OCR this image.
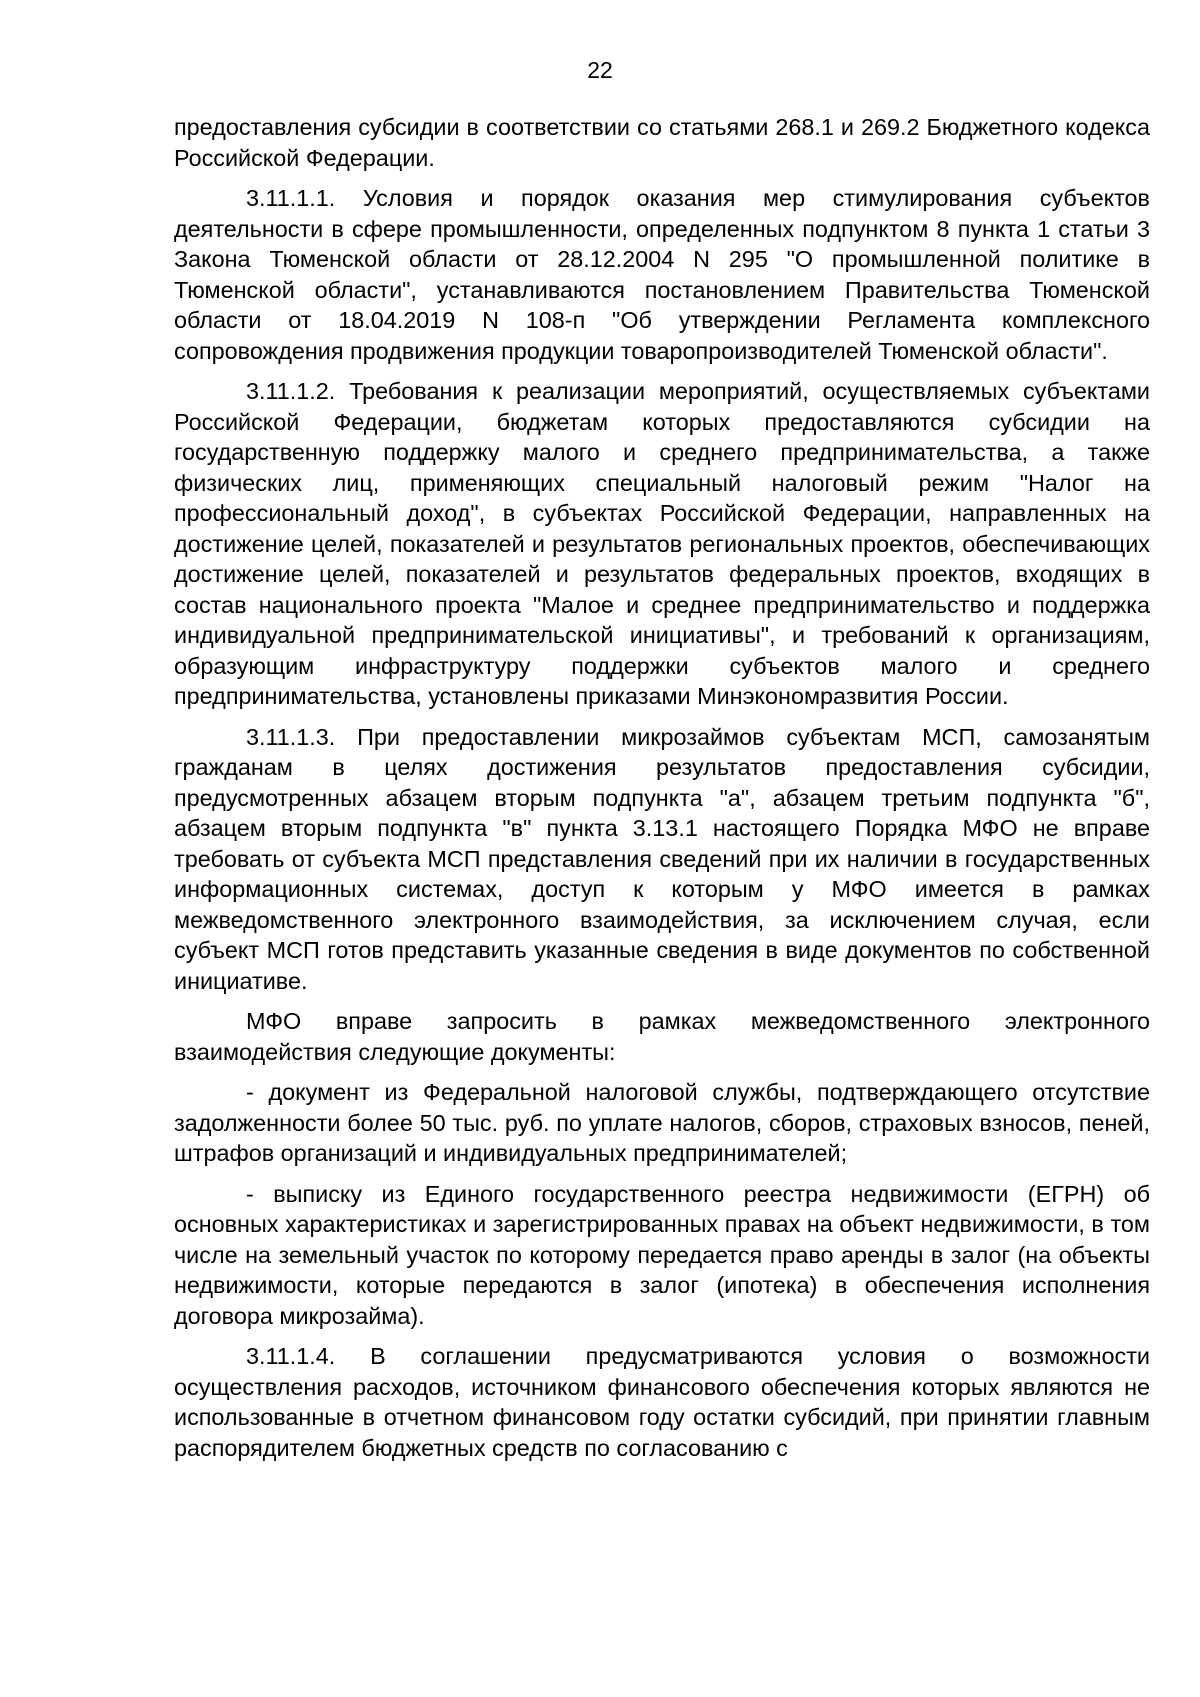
22

предоставления субсидии в соответствии со статьями 268.1 и 269.2 Бюджетного кодекса Российской Федерации.

3.11.1.1. Условия и порядок оказания мер стимулирования субъектов деятельности в сфере промышленности, определенных подпунктом 8 пункта 1 статьи 3 Закона Тюменской области от 28.12.2004 N 295 "О промышленной политике в Тюменской области", устанавливаются постановлением Правительства Тюменской области от 18.04.2019 N 108-п "Об утверждении Регламента комплексного сопровождения продвижения продукции товаропроизводителей Тюменской области".

3.11.1.2. Требования к реализации мероприятий, осуществляемых субъектами Российской Федерации, бюджетам которых предоставляются субсидии на государственную поддержку малого и среднего предпринимательства, а также физических лиц, применяющих специальный налоговый режим "Налог на профессиональный доход", в субъектах Российской Федерации, направленных на достижение целей, показателей и результатов региональных проектов, обеспечивающих достижение целей, показателей и результатов федеральных проектов, входящих в состав национального проекта "Малое и среднее предпринимательство и поддержка индивидуальной предпринимательской инициативы", и требований к организациям, образующим инфраструктуру поддержки субъектов малого и среднего предпринимательства, установлены приказами Минэкономразвития России.

3.11.1.3. При предоставлении микрозаймов субъектам МСП, самозанятым гражданам в целях достижения результатов предоставления субсидии, предусмотренных абзацем вторым подпункта "а", абзацем третьим подпункта "б", абзацем вторым подпункта "в" пункта 3.13.1 настоящего Порядка МФО не вправе требовать от субъекта МСП представления сведений при их наличии в государственных информационных системах, доступ к которым у МФО имеется в рамках межведомственного электронного взаимодействия, за исключением случая, если субъект МСП готов представить указанные сведения в виде документов по собственной инициативе.

МФО вправе запросить в рамках межведомственного электронного взаимодействия следующие документы:

- документ из Федеральной налоговой службы, подтверждающего отсутствие задолженности более 50 тыс. руб. по уплате налогов, сборов, страховых взносов, пеней, штрафов организаций и индивидуальных предпринимателей;

- выписку из Единого государственного реестра недвижимости (ЕГРН) об основных характеристиках и зарегистрированных правах на объект недвижимости, в том числе на земельный участок по которому передается право аренды в залог (на объекты недвижимости, которые передаются в залог (ипотека) в обеспечения исполнения договора микрозайма).

3.11.1.4. В соглашении предусматриваются условия о возможности осуществления расходов, источником финансового обеспечения которых являются не использованные в отчетном финансовом году остатки субсидий, при принятии главным распорядителем бюджетных средств по согласованию с
